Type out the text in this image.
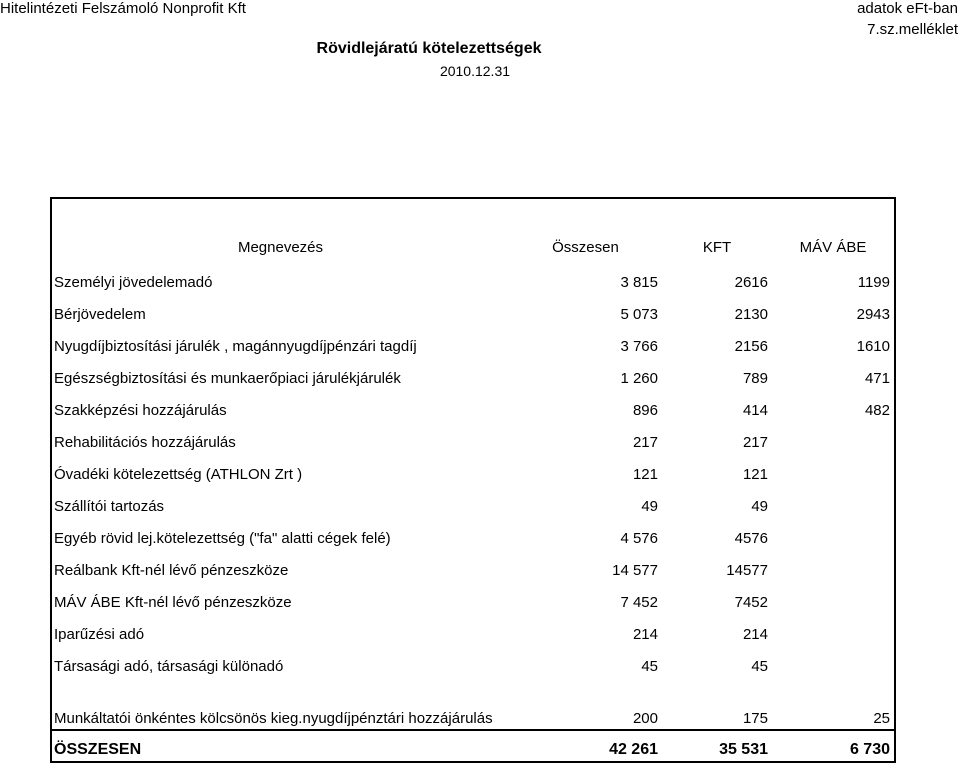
Hitelintézeti Felszámoló Nonprofit Kft	adatok eFt-ban
7.sz.melléklet
Rövidlejáratú kötelezettségek
2010.12.31
Megnevezés	Összesen	KFT	MÁV ÁBE
Személyi jövedelemadó	3 815	2616	1199
Bérjövedelem	5 073	2130	2943
Nyugdíjbiztosítási járulék , magánnyugdíjpénzári tagdíj	3 766	2156	1610
Egészségbiztosítási és munkaerőpiaci járulékjárulék	1 260	789	471
Szakképzési hozzájárulás	896	414	482
Rehabilitációs hozzájárulás	217	217	
Óvadéki kötelezettség (ATHLON Zrt )	121	121	
Szállítói tartozás	49	49	
Egyéb rövid lej.kötelezettség ("fa" alatti cégek felé)	4 576	4576	
Reálbank Kft-nél lévő pénzeszköze	14 577	14577	
MÁV ÁBE Kft-nél lévő pénzeszköze	7 452	7452	
Iparűzési adó	214	214	
Társasági adó, társasági különadó	45	45	
Munkáltatói önkéntes kölcsönös kieg.nyugdíjpénztári hozzájárulás	200	175	25
ÖSSZESEN	42 261	35 531	6 730
